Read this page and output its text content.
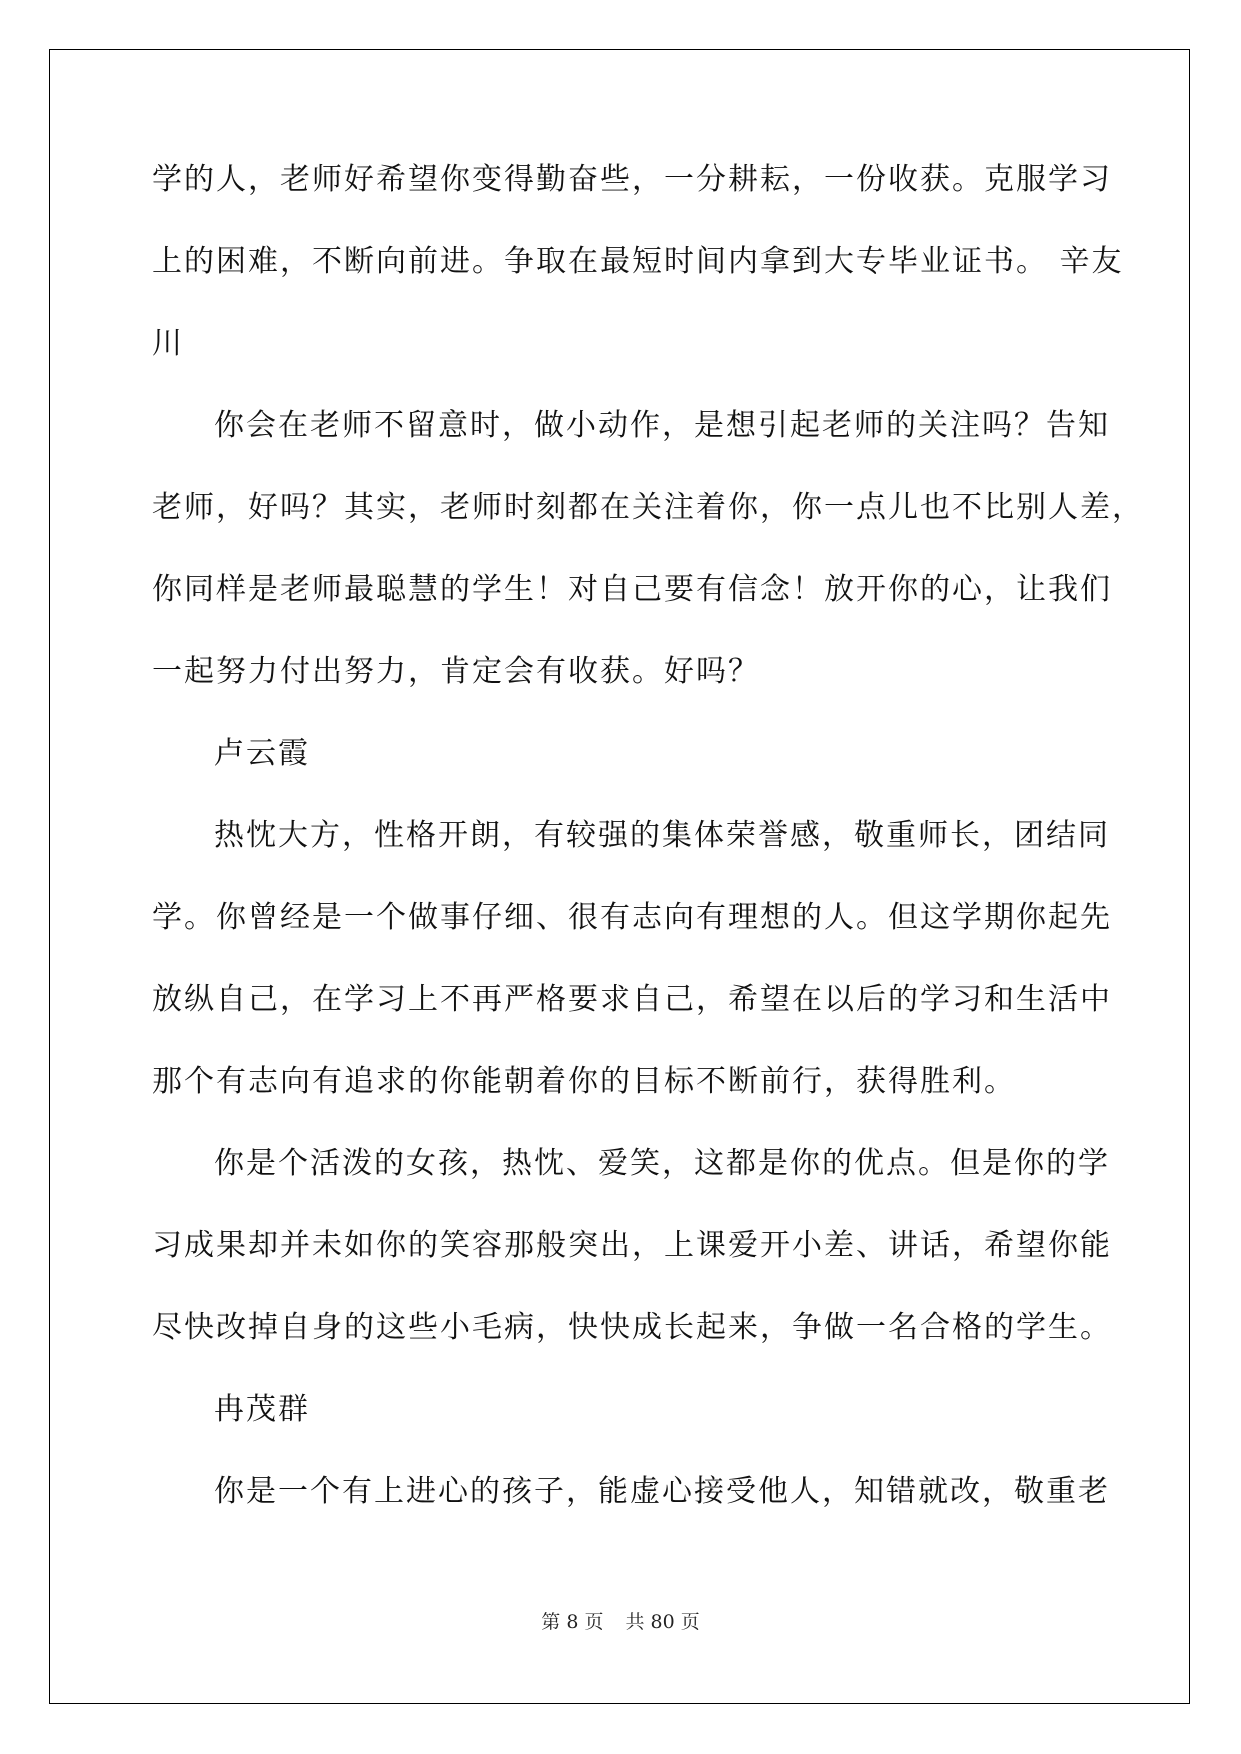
学的人，老师好希望你变得勤奋些，一分耕耘，一份收获。克服学习
上的困难，不断向前进。争取在最短时间内拿到大专毕业证书。 辛友
川
你会在老师不留意时，做小动作，是想引起老师的关注吗？告知
老师，好吗？其实，老师时刻都在关注着你，你一点儿也不比别人差，
你同样是老师最聪慧的学生！对自己要有信念！放开你的心，让我们
一起努力付出努力，肯定会有收获。好吗？
卢云霞
热忱大方，性格开朗，有较强的集体荣誉感，敬重师长，团结同
学。你曾经是一个做事仔细、很有志向有理想的人。但这学期你起先
放纵自己，在学习上不再严格要求自己，希望在以后的学习和生活中
那个有志向有追求的你能朝着你的目标不断前行，获得胜利。
你是个活泼的女孩，热忱、爱笑，这都是你的优点。但是你的学
习成果却并未如你的笑容那般突出，上课爱开小差、讲话，希望你能
尽快改掉自身的这些小毛病，快快成长起来，争做一名合格的学生。
冉茂群
你是一个有上进心的孩子，能虚心接受他人，知错就改，敬重老
第 8 页 共 80 页
